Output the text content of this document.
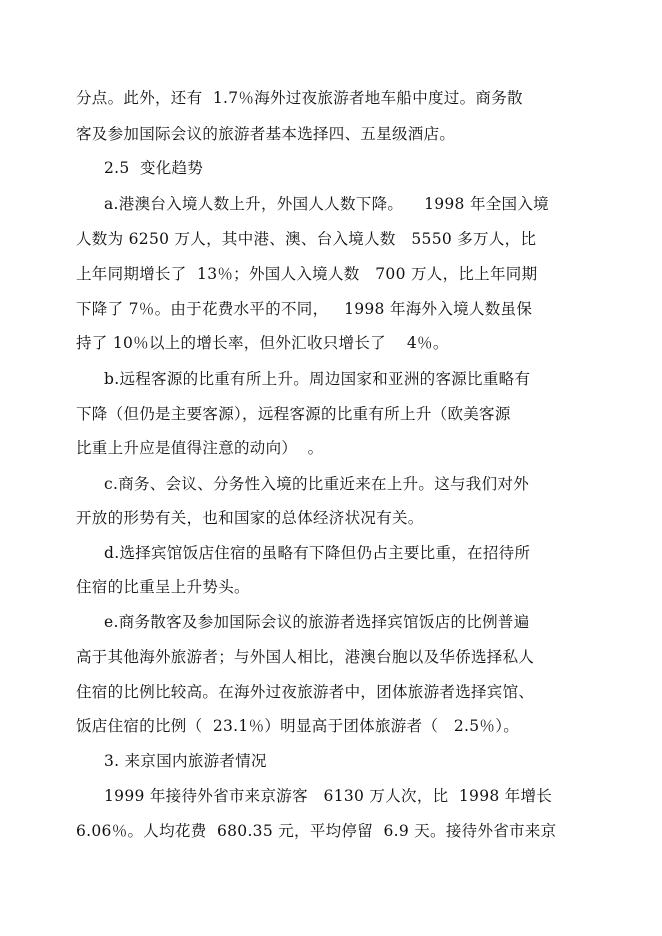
分点。此外，还有  1.7％海外过夜旅游者地车船中度过。商务散
客及参加国际会议的旅游者基本选择四、五星级酒店。
2.5  变化趋势
a.港澳台入境人数上升，外国人人数下降。    1998 年全国入境
人数为 6250 万人，其中港、澳、台入境人数   5550 多万人，比
上年同期增长了  13％；外国人入境人数   700 万人，比上年同期
下降了 7％。由于花费水平的不同，   1998 年海外入境人数虽保
持了 10％以上的增长率，但外汇收只增长了    4％。
b.远程客源的比重有所上升。周边国家和亚洲的客源比重略有
下降（但仍是主要客源），远程客源的比重有所上升（欧美客源
比重上升应是值得注意的动向）  。
c.商务、会议、分务性入境的比重近来在上升。这与我们对外
开放的形势有关，也和国家的总体经济状况有关。
d.选择宾馆饭店住宿的虽略有下降但仍占主要比重，在招待所
住宿的比重呈上升势头。
e.商务散客及参加国际会议的旅游者选择宾馆饭店的比例普遍
高于其他海外旅游者；与外国人相比，港澳台胞以及华侨选择私人
住宿的比例比较高。在海外过夜旅游者中，团体旅游者选择宾馆、
饭店住宿的比例（  23.1％）明显高于团体旅游者（   2.5％）。
3. 来京国内旅游者情况
1999 年接待外省市来京游客   6130 万人次，比  1998 年增长
6.06％。人均花费  680.35 元，平均停留  6.9 天。接待外省市来京
